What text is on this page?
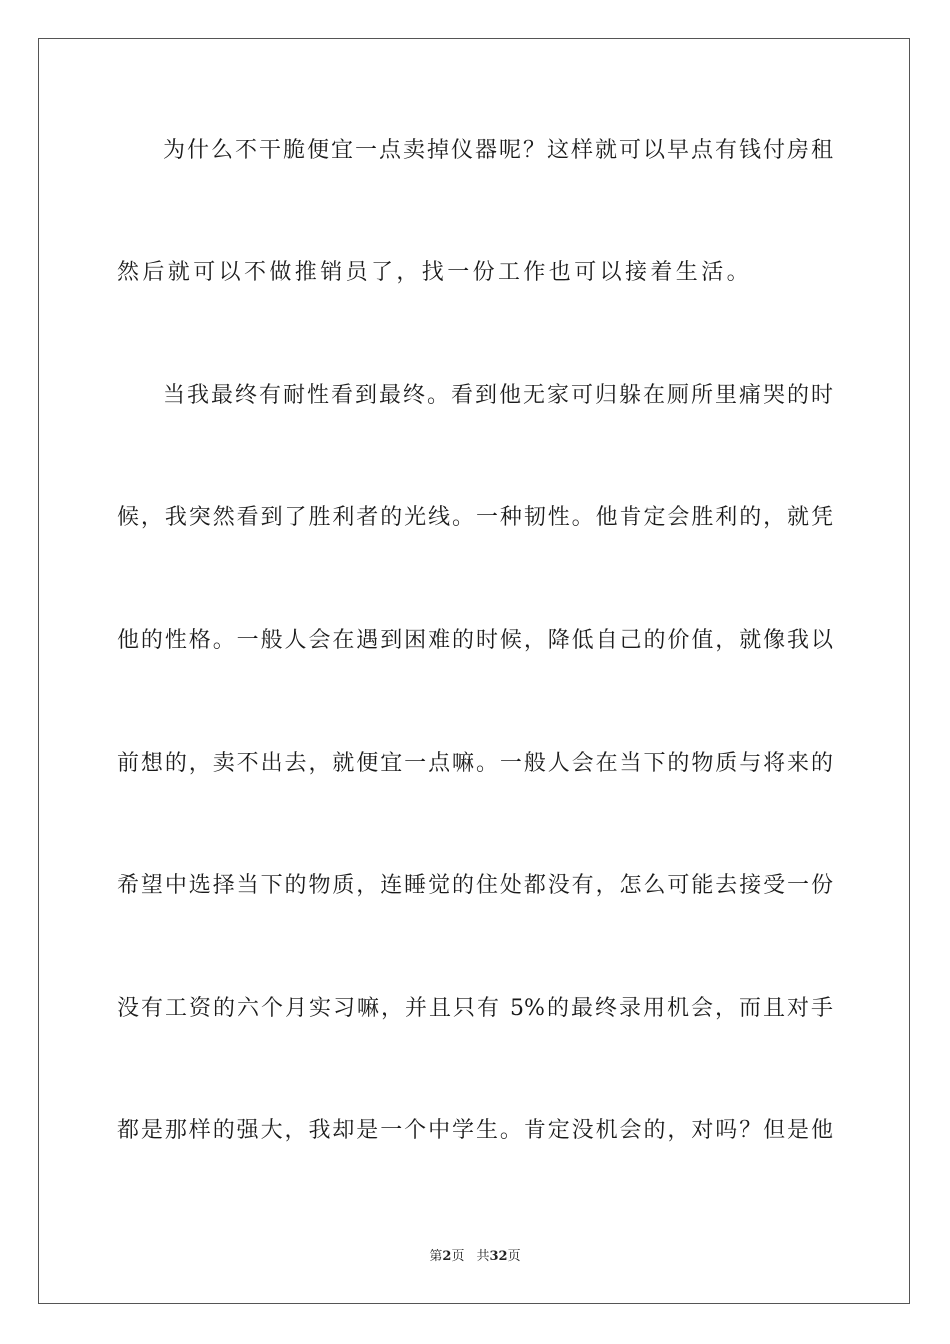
为什么不干脆便宜一点卖掉仪器呢？这样就可以早点有钱付房租
然后就可以不做推销员了，找一份工作也可以接着生活。
当我最终有耐性看到最终。看到他无家可归躲在厕所里痛哭的时
候，我突然看到了胜利者的光线。一种韧性。他肯定会胜利的，就凭
他的性格。一般人会在遇到困难的时候，降低自己的价值，就像我以
前想的，卖不出去，就便宜一点嘛。一般人会在当下的物质与将来的
希望中选择当下的物质，连睡觉的住处都没有，怎么可能去接受一份
没有工资的六个月实习嘛，并且只有 5%的最终录用机会，而且对手
都是那样的强大，我却是一个中学生。肯定没机会的，对吗？但是他
第2页 共32页
